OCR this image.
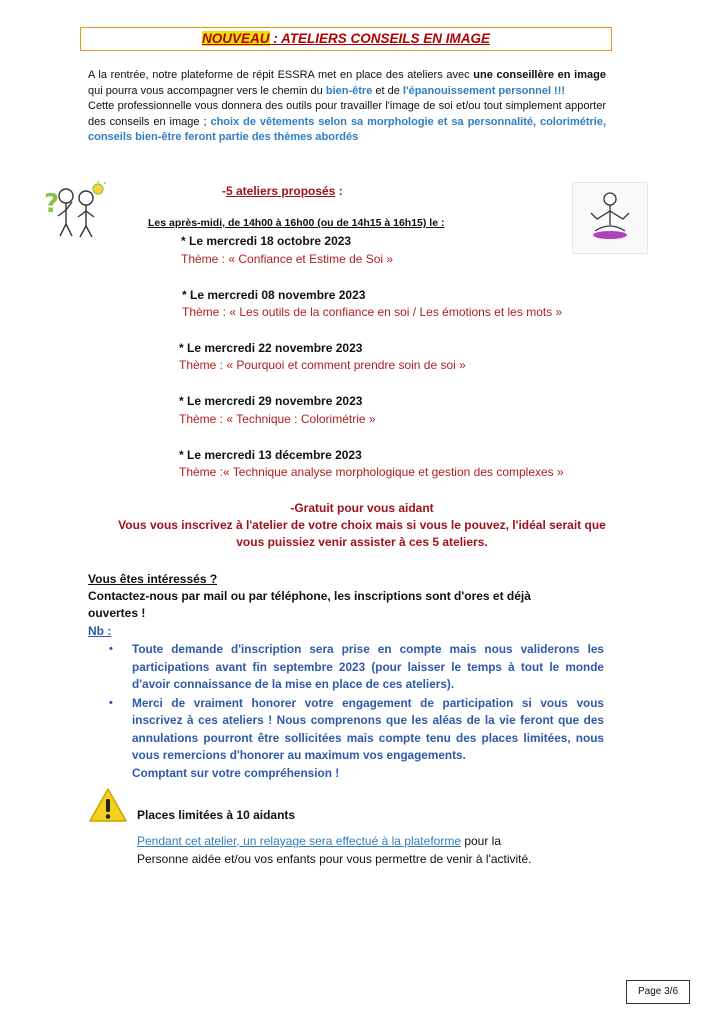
NOUVEAU : ATELIERS CONSEILS EN IMAGE
A la rentrée, notre plateforme de répit ESSRA met en place des ateliers avec une conseillère en image qui pourra vous accompagner vers le chemin du bien-être et de l'épanouissement personnel !!!
Cette professionnelle vous donnera des outils pour travailler l'image de soi et/ou tout simplement apporter des conseils en image ; choix de vêtements selon sa morphologie et sa personnalité, colorimétrie, conseils bien-être feront partie des thèmes abordés
?	-5 ateliers proposés :
Les après-midi, de 14h00 à 16h00 (ou de 14h15 à 16h15) le :
* Le mercredi 18 octobre 2023
Thème : « Confiance et Estime de Soi »
* Le mercredi 08 novembre 2023
Thème : « Les outils de la confiance en soi / Les émotions et les mots »
* Le mercredi 22 novembre 2023
Thème : « Pourquoi et comment prendre soin de soi »
* Le mercredi 29 novembre 2023
Thème : « Technique : Colorimétrie »
* Le mercredi 13 décembre 2023
Thème :« Technique analyse morphologique et gestion des complexes »
-Gratuit pour vous aidant
Vous vous inscrivez à l'atelier de votre choix mais si vous le pouvez, l'idéal serait que
vous puissiez venir assister à ces 5 ateliers.
Vous êtes intéressés ?
Contactez-nous par mail ou par téléphone, les inscriptions sont d'ores et déjà
ouvertes !
Nb :
• Toute demande d'inscription sera prise en compte mais nous validerons les participations avant fin septembre 2023 (pour laisser le temps à tout le monde d'avoir connaissance de la mise en place de ces ateliers).
• Merci de vraiment honorer votre engagement de participation si vous vous inscrivez à ces ateliers ! Nous comprenons que les aléas de la vie feront que des annulations pourront être sollicitées mais compte tenu des places limitées, nous vous remercions d'honorer au maximum vos engagements.
Comptant sur votre compréhension !
Places limitées à 10 aidants
Pendant cet atelier, un relayage sera effectué à la plateforme pour la
Personne aidée et/ou vos enfants pour vous permettre de venir à l'activité.
Page 3/6
